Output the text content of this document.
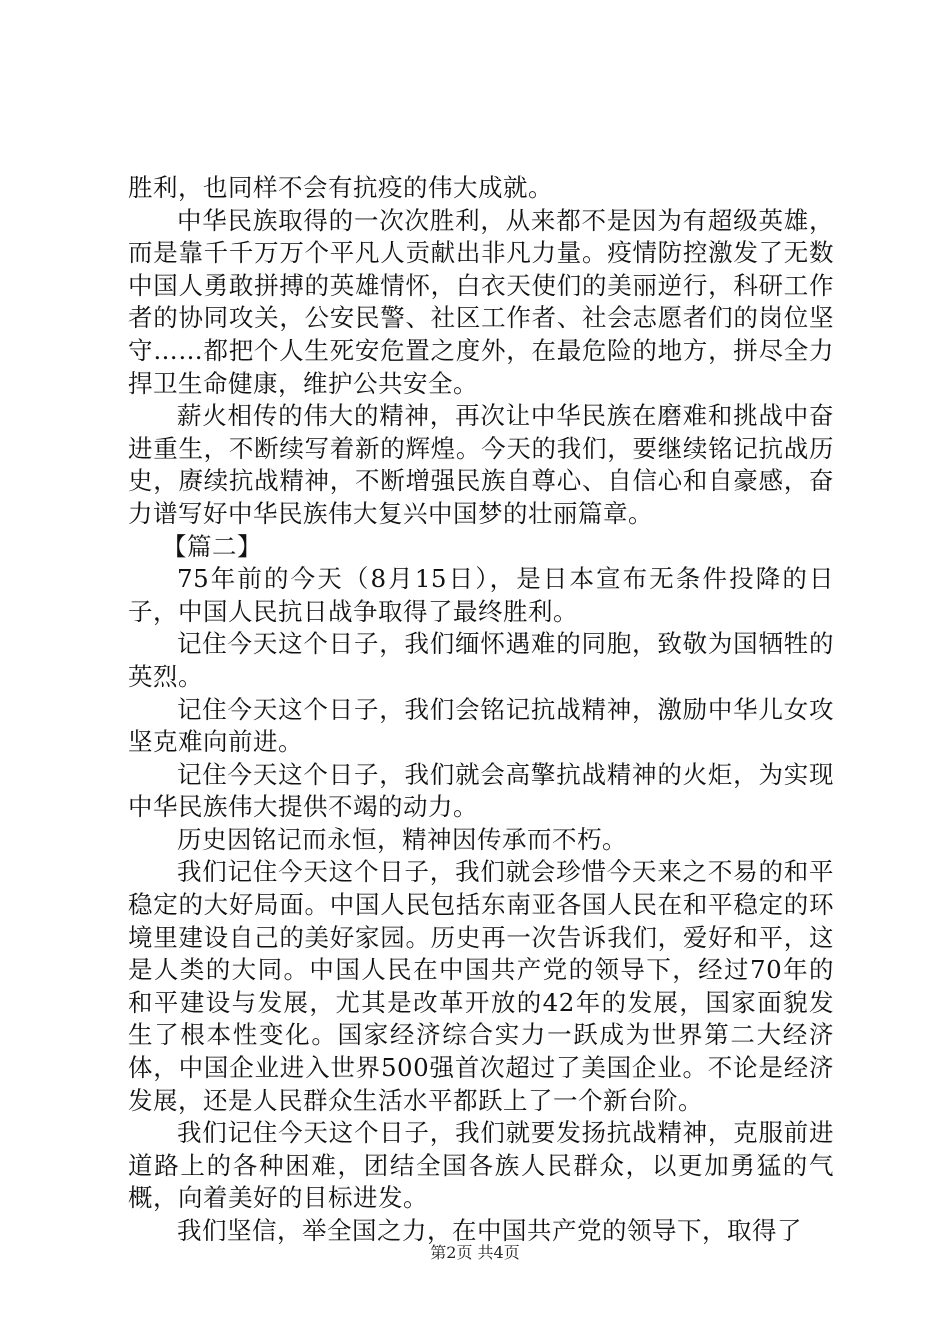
胜利，也同样不会有抗疫的伟大成就。

中华民族取得的一次次胜利，从来都不是因为有超级英雄，而是靠千千万万个平凡人贡献出非凡力量。疫情防控激发了无数中国人勇敢拼搏的英雄情怀，白衣天使们的美丽逆行，科研工作者的协同攻关，公安民警、社区工作者、社会志愿者们的岗位坚守……都把个人生死安危置之度外，在最危险的地方，拼尽全力捍卫生命健康，维护公共安全。

薪火相传的伟大的精神，再次让中华民族在磨难和挑战中奋进重生，不断续写着新的辉煌。今天的我们，要继续铭记抗战历史，赓续抗战精神，不断增强民族自尊心、自信心和自豪感，奋力谱写好中华民族伟大复兴中国梦的壮丽篇章。

【篇二】

75年前的今天（8月15日），是日本宣布无条件投降的日子，中国人民抗日战争取得了最终胜利。

记住今天这个日子，我们缅怀遇难的同胞，致敬为国牺牲的英烈。

记住今天这个日子，我们会铭记抗战精神，激励中华儿女攻坚克难向前进。

记住今天这个日子，我们就会高擎抗战精神的火炬，为实现中华民族伟大提供不竭的动力。

历史因铭记而永恒，精神因传承而不朽。

我们记住今天这个日子，我们就会珍惜今天来之不易的和平稳定的大好局面。中国人民包括东南亚各国人民在和平稳定的环境里建设自己的美好家园。历史再一次告诉我们，爱好和平，这是人类的大同。中国人民在中国共产党的领导下，经过70年的和平建设与发展，尤其是改革开放的42年的发展，国家面貌发生了根本性变化。国家经济综合实力一跃成为世界第二大经济体，中国企业进入世界500强首次超过了美国企业。不论是经济发展，还是人民群众生活水平都跃上了一个新台阶。

我们记住今天这个日子，我们就要发扬抗战精神，克服前进道路上的各种困难，团结全国各族人民群众，以更加勇猛的气概，向着美好的目标进发。

我们坚信，举全国之力，在中国共产党的领导下，取得了

第2页 共4页
